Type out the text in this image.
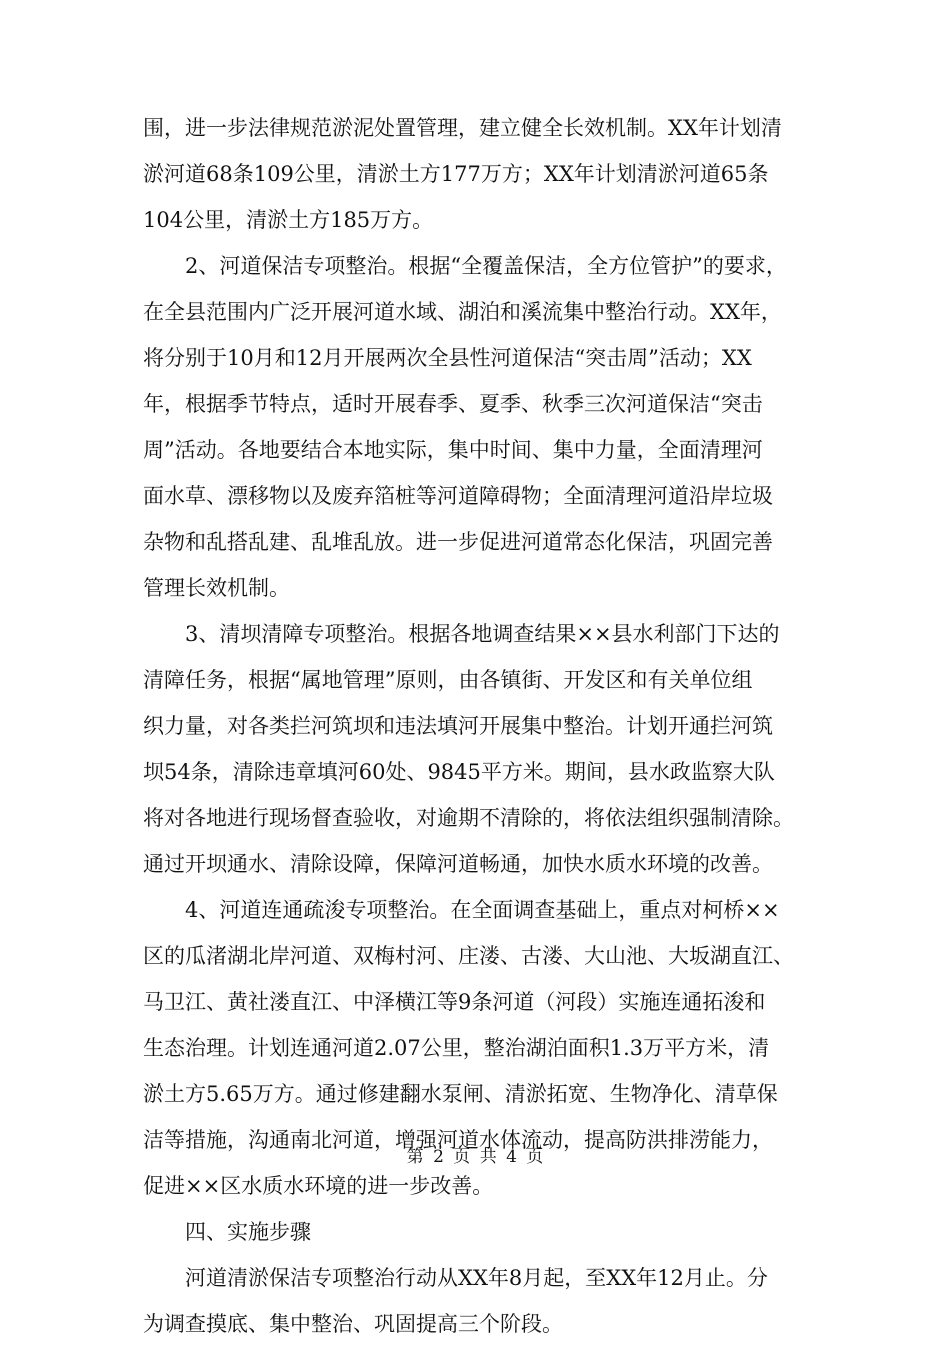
围，进一步法律规范淤泥处置管理，建立健全长效机制。XX年计划清
淤河道68条109公里，清淤土方177万方；XX年计划清淤河道65条
104公里，清淤土方185万方。
　　2、河道保洁专项整治。根据“全覆盖保洁，全方位管护”的要求，
在全县范围内广泛开展河道水域、湖泊和溪流集中整治行动。XX年，
将分别于10月和12月开展两次全县性河道保洁“突击周”活动；XX
年，根据季节特点，适时开展春季、夏季、秋季三次河道保洁“突击
周”活动。各地要结合本地实际，集中时间、集中力量，全面清理河
面水草、漂移物以及废弃箔桩等河道障碍物；全面清理河道沿岸垃圾
杂物和乱搭乱建、乱堆乱放。进一步促进河道常态化保洁，巩固完善
管理长效机制。
　　3、清坝清障专项整治。根据各地调查结果××县水利部门下达的
清障任务，根据“属地管理”原则，由各镇街、开发区和有关单位组
织力量，对各类拦河筑坝和违法填河开展集中整治。计划开通拦河筑
坝54条，清除违章填河60处、9845平方米。期间，县水政监察大队
将对各地进行现场督查验收，对逾期不清除的，将依法组织强制清除。
通过开坝通水、清除设障，保障河道畅通，加快水质水环境的改善。
　　4、河道连通疏浚专项整治。在全面调查基础上，重点对柯桥××
区的瓜渚湖北岸河道、双梅村河、庄溇、古溇、大山池、大坂湖直江、
马卫江、黄社溇直江、中泽横江等9条河道（河段）实施连通拓浚和
生态治理。计划连通河道2.07公里，整治湖泊面积1.3万平方米，清
淤土方5.65万方。通过修建翻水泵闸、清淤拓宽、生物净化、清草保
洁等措施，沟通南北河道，增强河道水体流动，提高防洪排涝能力，
促进××区水质水环境的进一步改善。
　　四、实施步骤
　　河道清淤保洁专项整治行动从XX年8月起，至XX年12月止。分
为调查摸底、集中整治、巩固提高三个阶段。
第 2 页 共 4 页
